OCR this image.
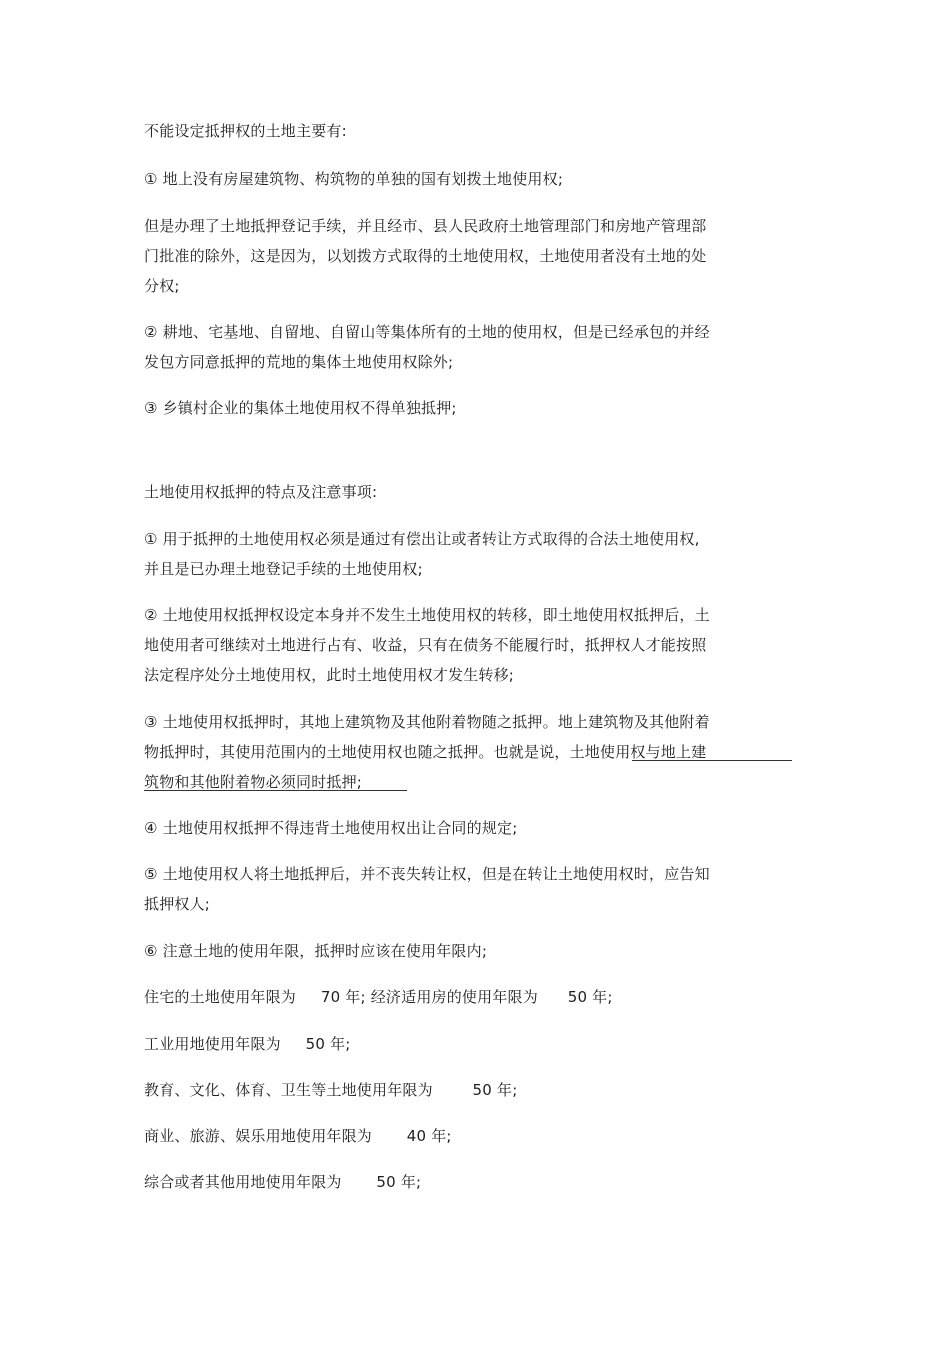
不能设定抵押权的土地主要有:
① 地上没有房屋建筑物、构筑物的单独的国有划拨土地使用权;
但是办理了土地抵押登记手续，并且经市、县人民政府土地管理部门和房地产管理部
门批准的除外，这是因为，以划拨方式取得的土地使用权，土地使用者没有土地的处
分权;
② 耕地、宅基地、自留地、自留山等集体所有的土地的使用权，但是已经承包的并经
发包方同意抵押的荒地的集体土地使用权除外;
③ 乡镇村企业的集体土地使用权不得单独抵押;
土地使用权抵押的特点及注意事项:
① 用于抵押的土地使用权必须是通过有偿出让或者转让方式取得的合法土地使用权,
并且是已办理土地登记手续的土地使用权;
② 土地使用权抵押权设定本身并不发生土地使用权的转移，即土地使用权抵押后，土
地使用者可继续对土地进行占有、收益，只有在债务不能履行时，抵押权人才能按照
法定程序处分土地使用权，此时土地使用权才发生转移;
③ 土地使用权抵押时，其地上建筑物及其他附着物随之抵押。地上建筑物及其他附着
物抵押时，其使用范围内的土地使用权也随之抵押。也就是说，土地使用权与地上建
筑物和其他附着物必须同时抵押;
④ 土地使用权抵押不得违背土地使用权出让合同的规定;
⑤ 土地使用权人将土地抵押后，并不丧失转让权，但是在转让土地使用权时，应告知
抵押权人;
⑥ 注意土地的使用年限，抵押时应该在使用年限内;
住宅的土地使用年限为     70 年; 经济适用房的使用年限为      50 年;
工业用地使用年限为     50 年;
教育、文化、体育、卫生等土地使用年限为        50 年;
商业、旅游、娱乐用地使用年限为       40 年;
综合或者其他用地使用年限为       50 年;
